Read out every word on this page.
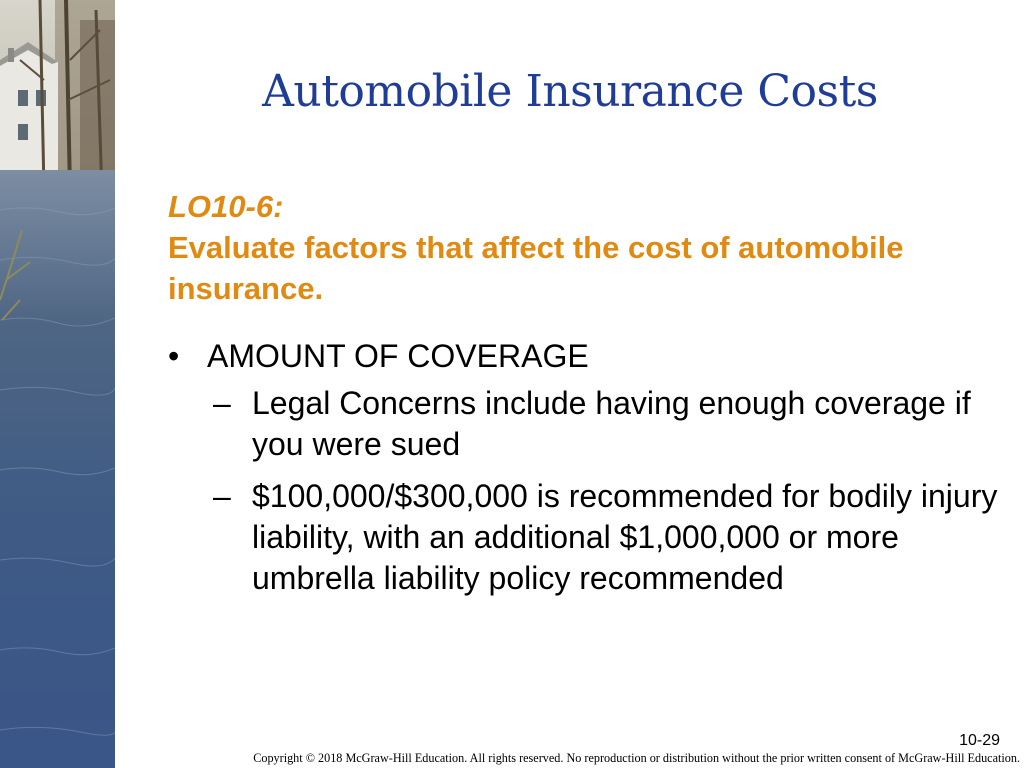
Automobile Insurance Costs
LO10-6:
Evaluate factors that affect the cost of automobile insurance.
• AMOUNT OF COVERAGE
– Legal Concerns include having enough coverage if you were sued
– $100,000/$300,000 is recommended for bodily injury liability, with an additional $1,000,000 or more umbrella liability policy recommended
10-29
Copyright © 2018 McGraw-Hill Education. All rights reserved. No reproduction or distribution without the prior written consent of McGraw-Hill Education.
